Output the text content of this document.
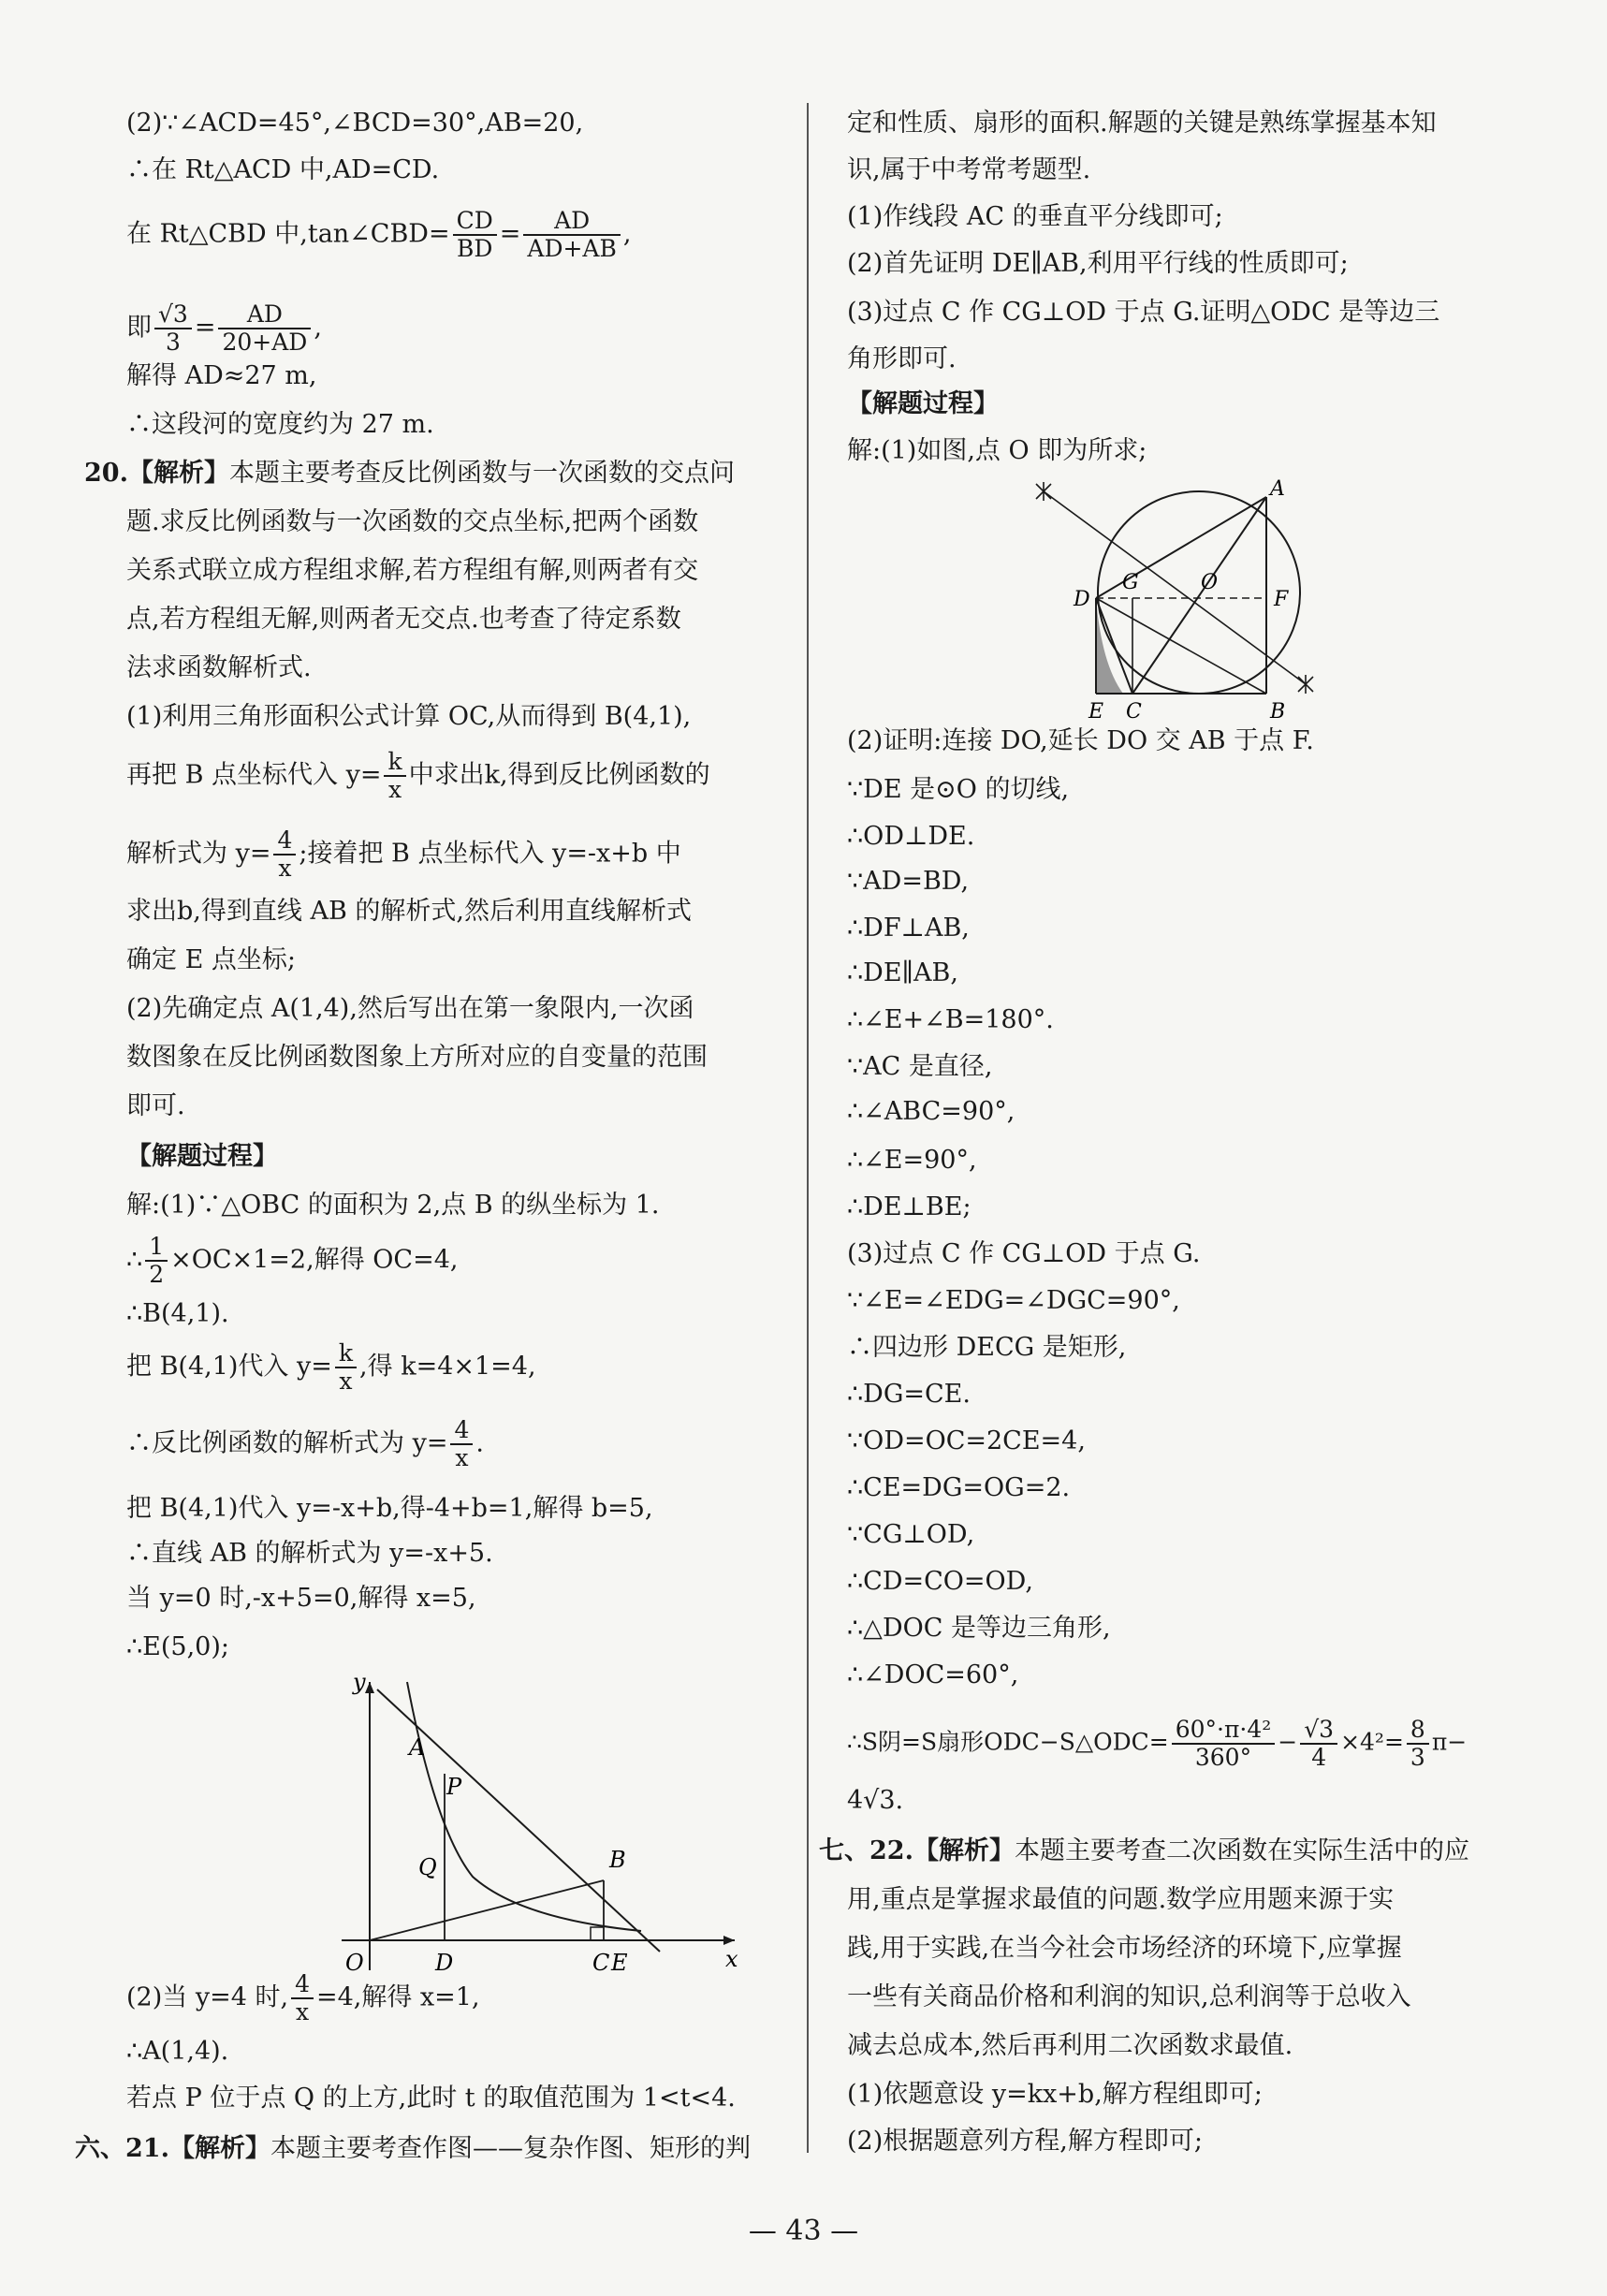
(2)∵∠ACD=45°,∠BCD=30°,AB=20,
∴在 Rt△ACD 中,AD=CD.
在 Rt△CBD 中,tan∠CBD= $\frac{CD}{BD} = \frac{AD}{AD+AB}$ ,
即 $\frac{√3}{3} = \frac{AD}{20+AD}$ ,
解得 AD≈27 m,
∴这段河的宽度约为 27 m.
20.【解析】本题主要考查反比例函数与一次函数的交点问
题.求反比例函数与一次函数的交点坐标,把两个函数
关系式联立成方程组求解,若方程组有解,则两者有交
点,若方程组无解,则两者无交点.也考查了待定系数
法求函数解析式.
(1)利用三角形面积公式计算 OC,从而得到 B(4,1),
再把 B 点坐标代入 $y= \frac{k}{x}$ 中求出k,得到反比例函数的
解析式为 $y= \frac{4}{x}$ ;接着把 B 点坐标代入 y=-x+b 中
求出b,得到直线 AB 的解析式,然后利用直线解析式
确定 E 点坐标;
(2)先确定点 A(1,4),然后写出在第一象限内,一次函
数图象在反比例函数图象上方所对应的自变量的范围
即可.
【解题过程】
解:(1)∵△OBC 的面积为 2,点 B 的纵坐标为 1.
∴ $\frac{1}{2} \times OC\times 1=2$,解得 OC=4,
∴B(4,1).
把 B(4,1)代入 $y= \frac{k}{x}$ ,得 k=4×1=4,
∴反比例函数的解析式为 $y= \frac{4}{x}$ .
把 B(4,1)代入 y=-x+b,得-4+b=1,解得 b=5,
∴直线 AB 的解析式为 y=-x+5.
当 y=0 时,-x+5=0,解得 x=5,
∴E(5,0);
y
x
O
A
P
Q	B
D	C E
(2)当 y=4 时, $\frac{4}{x} =4$,解得 x=1,
∴A(1,4).
若点 P 位于点 Q 的上方,此时 t 的取值范围为 1<t<4.
六、21.【解析】本题主要考查作图——复杂作图、矩形的判
定和性质、扇形的面积.解题的关键是熟练掌握基本知
识,属于中考常考题型.
(1)作线段 AC 的垂直平分线即可;
(2)首先证明 DE∥AB,利用平行线的性质即可;
(3)过点 C 作 CG⊥OD 于点 G.证明△ODC 是等边三
角形即可.
【解题过程】
解:(1)如图,点 O 即为所求;
A
D
G	O
F
E C	B
(2)证明:连接 DO,延长 DO 交 AB 于点 F.
∵DE 是⊙O 的切线,
∴OD⊥DE.
∵AD=BD,
∴DF⊥AB,
∴DE∥AB,
∴∠E+∠B=180°.
∵AC 是直径,
∴∠ABC=90°,
∴∠E=90°,
∴DE⊥BE;
(3)过点 C 作 CG⊥OD 于点 G.
∵∠E=∠EDG=∠DGC=90°,
∴四边形 DECG 是矩形,
∴DG=CE.
∵OD=OC=2CE=4,
∴CE=DG=OG=2.
∵CG⊥OD,
∴CD=CO=OD,
∴△DOC 是等边三角形,
∴∠DOC=60°,
∴S阴=S扇形ODC−S△ODC= $\frac{\text{60°·π·4²}}{360^\circ} - \frac{√3}{4} \times 4^2= \frac{8}{3} \pi-$
4√3.
七、22.【解析】本题主要考查二次函数在实际生活中的应
用,重点是掌握求最值的问题.数学应用题来源于实
践,用于实践,在当今社会市场经济的环境下,应掌握
一些有关商品价格和利润的知识,总利润等于总收入
减去总成本,然后再利用二次函数求最值.
(1)依题意设 y=kx+b,解方程组即可;
(2)根据题意列方程,解方程即可;
— 43 —
